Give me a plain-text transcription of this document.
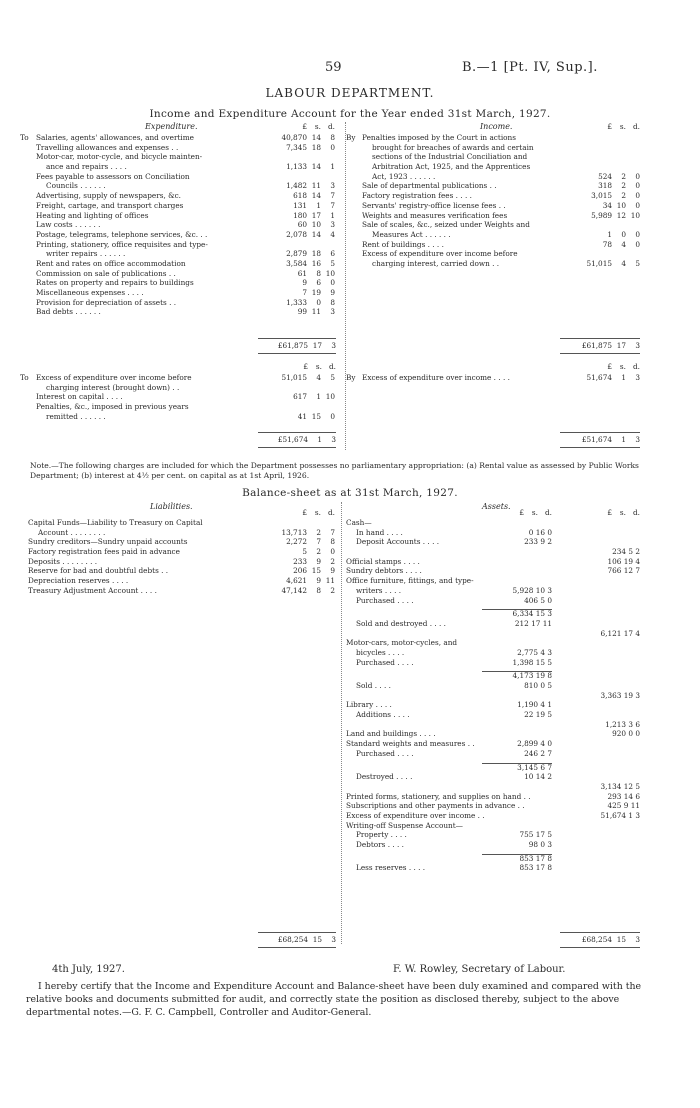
59	B.—1 [Pt. IV, Sup.].
LABOUR DEPARTMENT.
Income and Expenditure Account for the Year ended 31st March, 1927.
Expenditure.	Income.
£	s. d.	£	s. d.
To Salaries, agents' allowances, and overtime	40,870 14	8
Travelling allowances and expenses . .	7,345 18	0
Motor-car, motor-cycle, and bicycle mainten-
ance and repairs . . . .	1,133 14	1
Fees payable to assessors on Conciliation
Councils . . . . . .	1,482 11	3
Advertising, supply of newspapers, &c.	618 14	7
Freight, cartage, and transport charges	131	1	7
Heating and lighting of offices	180 17	1
Law costs . . . . . .	60 10	3
Postage, telegrams, telephone services, &c. . .	2,078 14	4
Printing, stationery, office requisites and type-
writer repairs . . . . . .	2,879 18	6
Rent and rates on office accommodation	3,584 16	5
Commission on sale of publications . .	61	8 10
Rates on property and repairs to buildings	9	6	0
Miscellaneous expenses . . . .	7 19	9
Provision for depreciation of assets . .	1,333	0	8
Bad debts . . . . . .	99 11	3
By Penalties imposed by the Court in actions
brought for breaches of awards and certain
sections of the Industrial Conciliation and
Arbitration Act, 1925, and the Apprentices
Act, 1923 . . . . . .	524	2	0
Sale of departmental publications . .	318	2	0
Factory registration fees . . . .	3,015	2	0
Servants' registry-office license fees . .	34 10	0
Weights and measures verification fees	5,989 12 10
Sale of scales, &c., seized under Weights and
Measures Act . . . . . .	1	0	0
Rent of buildings . . . .	78	4	0
Excess of expenditure over income before
charging interest, carried down . .	51,015	4	5
£61,875 17	3	£61,875 17	3
£	s. d.	£	s. d.
To Excess of expenditure over income before	51,015	4	5
charging interest (brought down) . .
Interest on capital . . . .	617	1 10
Penalties, &c., imposed in previous years
remitted . . . . . .	41 15	0
By Excess of expenditure over income . . . .	51,674	1	3
£51,674	1	3	£51,674	1	3
Note.—The following charges are included for which the Department possesses no parliamentary appropriation: (a) Rental value as assessed by Public Works Department; (b) interest at 4½ per cent. on capital as at 1st April, 1926.
Balance-sheet as at 31st March, 1927.
Liabilities.	Assets.
£	s. d.	£	s. d.	£	s. d.
Capital Funds—Liability to Treasury on Capital
Account . . . . . . . .	13,713	2	7
Sundry creditors—Sundry unpaid accounts	2,272	7	8
Factory registration fees paid in advance	5	2	0
Deposits . . . . . . . .	233	9	2
Reserve for bad and doubtful debts . .	206 15	9
Depreciation reserves . . . .	4,621	9 11
Treasury Adjustment Account . . . .	47,142	8	2
Cash—
In hand . . . .	0 16 0
Deposit Accounts . . . .	233 9 2
234 5 2
Official stamps . . . .	106 19 4
Sundry debtors . . . .	766 12 7
Office furniture, fittings, and type-
writers . . . .	5,928 10 3
Purchased . . . .	406 5 0
6,334 15 3
Sold and destroyed . . . .	212 17 11
6,121 17 4
Motor-cars, motor-cycles, and
bicycles . . . .	2,775 4 3
Purchased . . . .	1,398 15 5
4,173 19 8
Sold . . . .	810 0 5
3,363 19 3
Library . . . .	1,190 4 1
Additions . . . .	22 19 5
1,213 3 6
Land and buildings . . . .	920 0 0
Standard weights and measures . .	2,899 4 0
Purchased . . . .	246 2 7
3,145 6 7
Destroyed . . . .	10 14 2
3,134 12 5
Printed forms, stationery, and supplies on hand . .	293 14 6
Subscriptions and other payments in advance . .	425 9 11
Excess of expenditure over income . .	51,674 1 3
Writing-off Suspense Account—
Property . . . .	755 17 5
Debtors . . . .	98 0 3
853 17 8
Less reserves . . . .	853 17 8
£68,254 15	3	£68,254 15	3
4th July, 1927.	F. W. Rowley, Secretary of Labour.
I hereby certify that the Income and Expenditure Account and Balance-sheet have been duly examined and compared with the relative books and documents submitted for audit, and correctly state the position as disclosed thereby, subject to the above departmental notes.—G. F. C. Campbell, Controller and Auditor-General.
